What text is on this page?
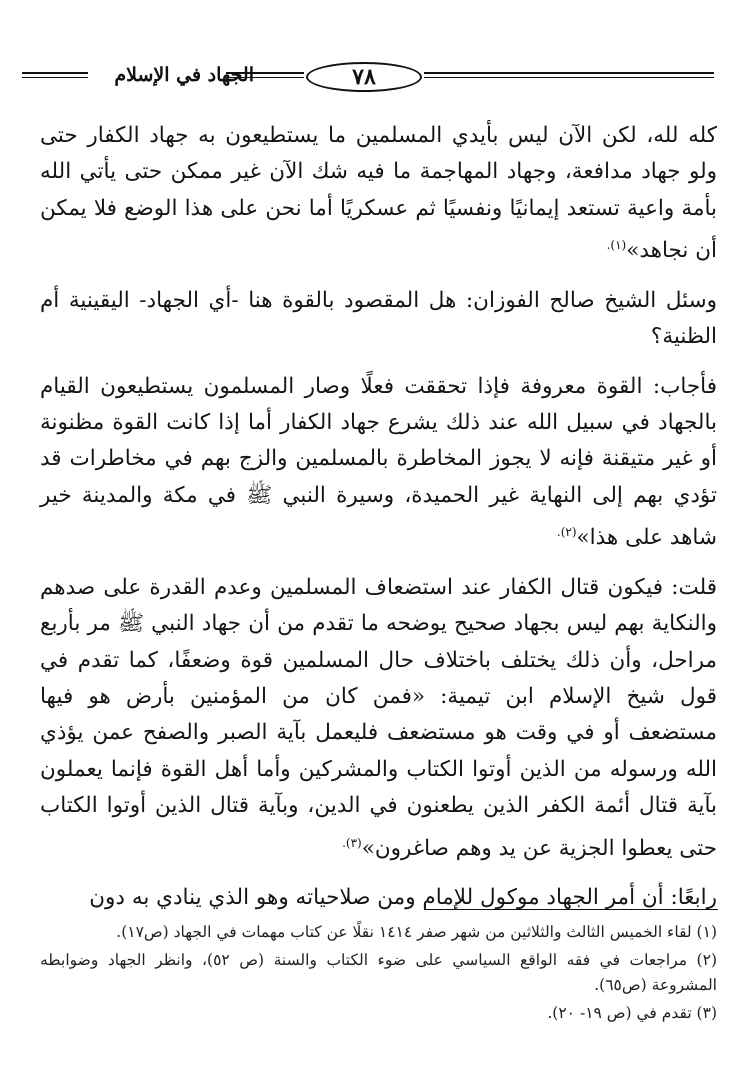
الجهاد في الإسلام	٧٨

كله لله، لكن الآن ليس بأيدي المسلمين ما يستطيعون به جهاد الكفار حتى ولو جهاد مدافعة، وجهاد المهاجمة ما فيه شك الآن غير ممكن حتى يأتي الله بأمة واعية تستعد إيمانيًا ونفسيًا ثم عسكريًا أما نحن على هذا الوضع فلا يمكن أن نجاهد»$^{(١).}$

وسئل الشيخ صالح الفوزان: هل المقصود بالقوة هنا -أي الجهاد- اليقينية أم الظنية؟

فأجاب: القوة معروفة فإذا تحققت فعلًا وصار المسلمون يستطيعون القيام بالجهاد في سبيل الله عند ذلك يشرع جهاد الكفار أما إذا كانت القوة مظنونة أو غير متيقنة فإنه لا يجوز المخاطرة بالمسلمين والزج بهم في مخاطرات قد تؤدي بهم إلى النهاية غير الحميدة، وسيرة النبي ﷺ في مكة والمدينة خير شاهد على هذا»$^{(٢).}$

قلت: فيكون قتال الكفار عند استضعاف المسلمين وعدم القدرة على صدهم والنكاية بهم ليس بجهاد صحيح يوضحه ما تقدم من أن جهاد النبي ﷺ مر بأربع مراحل، وأن ذلك يختلف باختلاف حال المسلمين قوة وضعفًا، كما تقدم في قول شيخ الإسلام ابن تيمية: «فمن كان من المؤمنين بأرض هو فيها مستضعف أو في وقت هو مستضعف فليعمل بآية الصبر والصفح عمن يؤذي الله ورسوله من الذين أوتوا الكتاب والمشركين وأما أهل القوة فإنما يعملون بآية قتال أئمة الكفر الذين يطعنون في الدين، وبآية قتال الذين أوتوا الكتاب حتى يعطوا الجزية عن يد وهم صاغرون»$^{(٣).}$

رابعًا: أن أمر الجهاد موكول للإمام ومن صلاحياته وهو الذي ينادي به دون

(١) لقاء الخميس الثالث والثلاثين من شهر صفر ١٤١٤ نقلًا عن كتاب مهمات في الجهاد (ص١٧).

(٢) مراجعات في فقه الواقع السياسي على ضوء الكتاب والسنة (ص ٥٢)، وانظر الجهاد وضوابطه المشروعة (ص٦٥).

(٣) تقدم في (ص ١٩- ٢٠).
